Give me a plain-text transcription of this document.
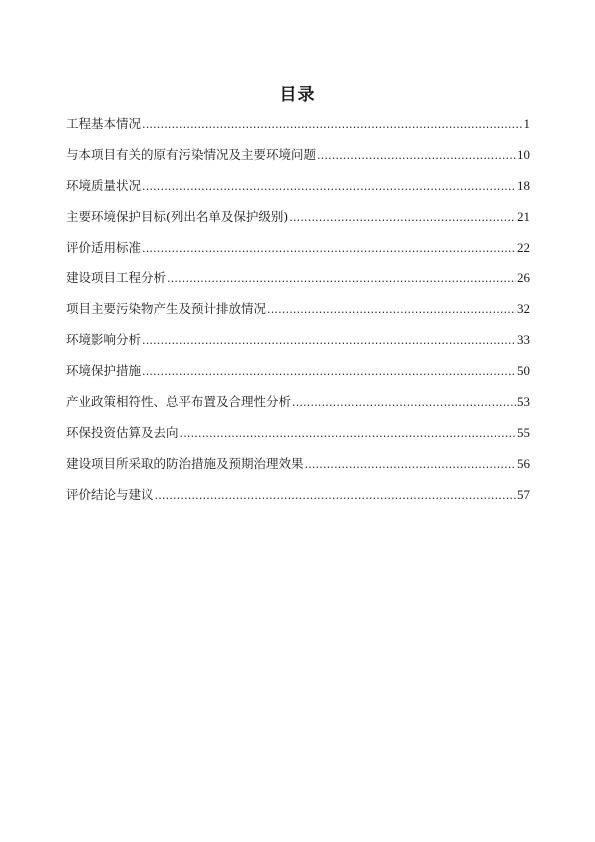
目录
工程基本情况 .....	1
与本项目有关的原有污染情况及主要环境问题 .....	10
环境质量状况 .....	18
主要环境保护目标(列出名单及保护级别) .....	21
评价适用标准 .....	22
建设项目工程分析 .....	26
项目主要污染物产生及预计排放情况 .....	32
环境影响分析 .....	33
环境保护措施 .....	50
产业政策相符性、总平布置及合理性分析 .....	53
环保投资估算及去向 .....	55
建设项目所采取的防治措施及预期治理效果 .....	56
评价结论与建议 .....	57
